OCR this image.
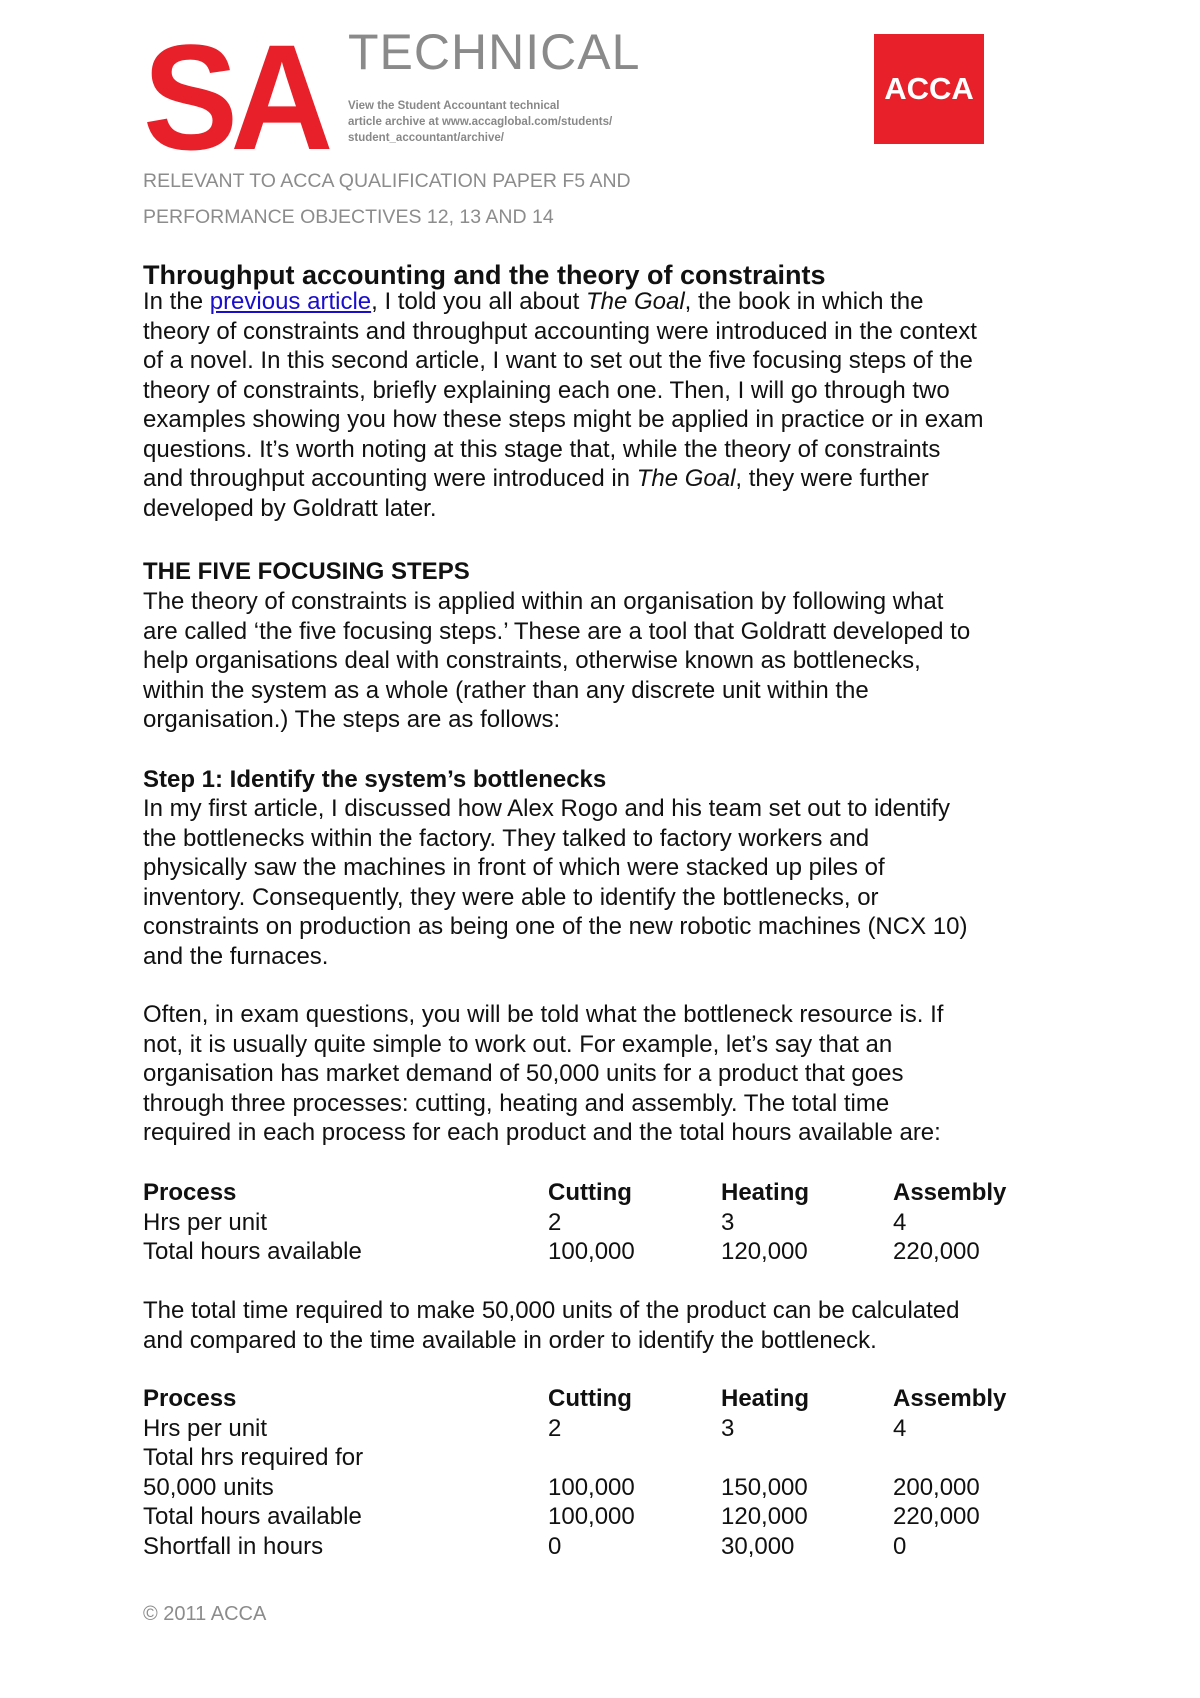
SA TECHNICAL
View the Student Accountant technical
article archive at www.accaglobal.com/students/
student_accountant/archive/
ACCA
RELEVANT TO ACCA QUALIFICATION PAPER F5 AND
PERFORMANCE OBJECTIVES 12, 13 AND 14
Throughput accounting and the theory of constraints
In the previous article, I told you all about The Goal, the book in which the
theory of constraints and throughput accounting were introduced in the context
of a novel. In this second article, I want to set out the five focusing steps of the
theory of constraints, briefly explaining each one. Then, I will go through two
examples showing you how these steps might be applied in practice or in exam
questions. It’s worth noting at this stage that, while the theory of constraints
and throughput accounting were introduced in The Goal, they were further
developed by Goldratt later.
THE FIVE FOCUSING STEPS
The theory of constraints is applied within an organisation by following what
are called ‘the five focusing steps.’ These are a tool that Goldratt developed to
help organisations deal with constraints, otherwise known as bottlenecks,
within the system as a whole (rather than any discrete unit within the
organisation.) The steps are as follows:
Step 1: Identify the system’s bottlenecks
In my first article, I discussed how Alex Rogo and his team set out to identify
the bottlenecks within the factory. They talked to factory workers and
physically saw the machines in front of which were stacked up piles of
inventory. Consequently, they were able to identify the bottlenecks, or
constraints on production as being one of the new robotic machines (NCX 10)
and the furnaces.
Often, in exam questions, you will be told what the bottleneck resource is. If
not, it is usually quite simple to work out. For example, let’s say that an
organisation has market demand of 50,000 units for a product that goes
through three processes: cutting, heating and assembly. The total time
required in each process for each product and the total hours available are:
Process	Cutting	Heating	Assembly
Hrs per unit	2	3	4
Total hours available	100,000	120,000	220,000
The total time required to make 50,000 units of the product can be calculated
and compared to the time available in order to identify the bottleneck.
Process	Cutting	Heating	Assembly
Hrs per unit	2	3	4
Total hrs required for
50,000 units	100,000	150,000	200,000
Total hours available	100,000	120,000	220,000
Shortfall in hours	0	30,000	0
© 2011 ACCA
